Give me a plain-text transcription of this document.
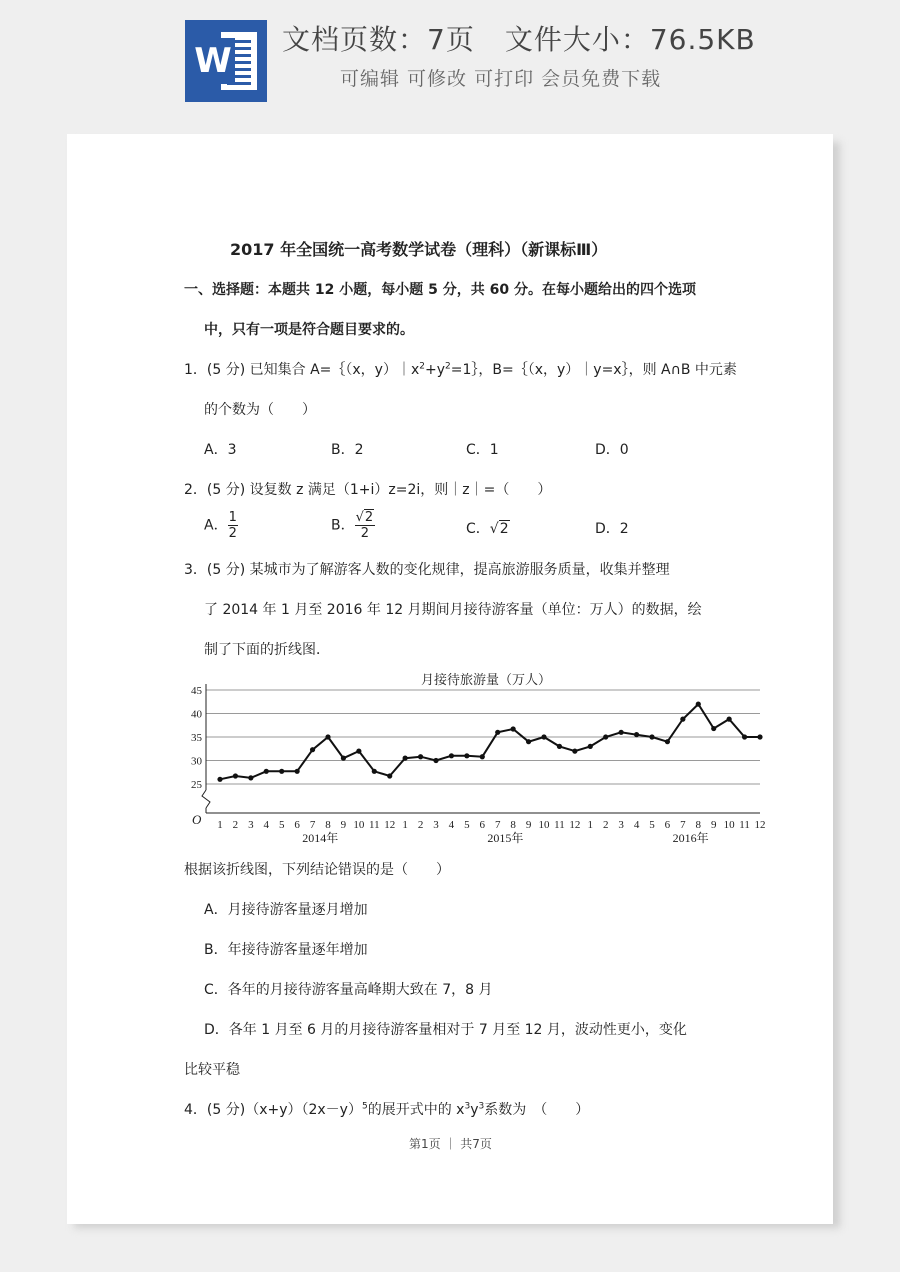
W
文档页数：7页 文件大小：76.5KB
可编辑 可修改 可打印 会员免费下载
2017 年全国统一高考数学试卷（理科）（新课标Ⅲ）
一、选择题：本题共 12 小题，每小题 5 分，共 60 分。在每小题给出的四个选项
中，只有一项是符合题目要求的。
1．(5 分) 已知集合 A=｛（x，$y)|x^2+y^2=1\}$，B=｛（x，y）｜y=x｝，则 A∩B 中元素
的个数为（　　）
A．3	B．2	C．1	D．0
2．(5 分) 设复数 z 满足（1+i）z=2i，则｜z｜=（　　）
A． $\frac{1}{2}$	B． $\frac{√2}{2}$	C．√2	D．2
3．(5 分) 某城市为了解游客人数的变化规律，提高旅游服务质量，收集并整理
了 2014 年 1 月至 2016 年 12 月期间月接待游客量（单位：万人）的数据，绘
制了下面的折线图．
月接待旅游量（万人）
25
30
35
40
45
O 1 2 3 4 5 6 7 8 9 10 11 12 1 2 3 4 5 6 7 8 9 10 11 12 1 2 3 4 5 6 7 8 9 10 11 12
2014年	2015年	2016年
根据该折线图，下列结论错误的是（　　）
A．月接待游客量逐月增加
B．年接待游客量逐年增加
C．各年的月接待游客量高峰期大致在 7，8 月
D．各年 1 月至 6 月的月接待游客量相对于 7 月至 12 月，波动性更小，变化
比较平稳
4．(5 分)$(x+y)(2x-y)^5$的展开式中的 $x^3y^3$系数为　（　　）
第1页 ｜ 共7页
